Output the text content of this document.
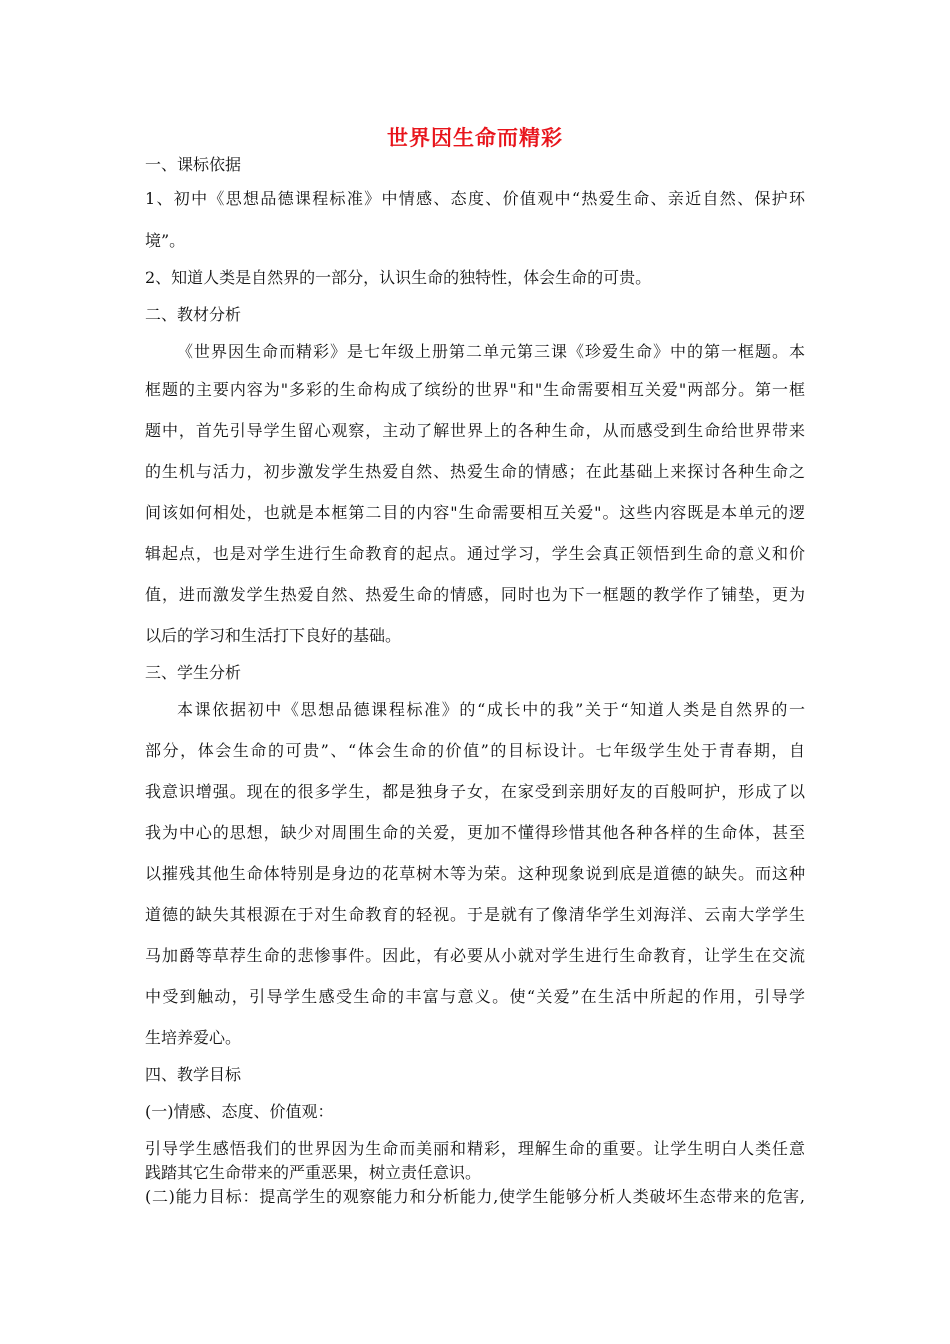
世界因生命而精彩
一、课标依据
1、初中《思想品德课程标准》中情感、态度、价值观中“热爱生命、亲近自然、保护环
境”。
2、知道人类是自然界的一部分，认识生命的独特性，体会生命的可贵。
二、教材分析
《世界因生命而精彩》是七年级上册第二单元第三课《珍爱生命》中的第一框题。本
框题的主要内容为"多彩的生命构成了缤纷的世界"和"生命需要相互关爱"两部分。第一框
题中，首先引导学生留心观察，主动了解世界上的各种生命，从而感受到生命给世界带来
的生机与活力，初步激发学生热爱自然、热爱生命的情感；在此基础上来探讨各种生命之
间该如何相处，也就是本框第二目的内容"生命需要相互关爱"。这些内容既是本单元的逻
辑起点，也是对学生进行生命教育的起点。通过学习，学生会真正领悟到生命的意义和价
值，进而激发学生热爱自然、热爱生命的情感，同时也为下一框题的教学作了铺垫，更为
以后的学习和生活打下良好的基础。
三、学生分析
本课依据初中《思想品德课程标准》的“成长中的我”关于“知道人类是自然界的一
部分，体会生命的可贵”、“体会生命的价值”的目标设计。七年级学生处于青春期，自
我意识增强。现在的很多学生，都是独身子女，在家受到亲朋好友的百般呵护，形成了以
我为中心的思想，缺少对周围生命的关爱，更加不懂得珍惜其他各种各样的生命体，甚至
以摧残其他生命体特别是身边的花草树木等为荣。这种现象说到底是道德的缺失。而这种
道德的缺失其根源在于对生命教育的轻视。于是就有了像清华学生刘海洋、云南大学学生
马加爵等草荐生命的悲惨事件。因此，有必要从小就对学生进行生命教育，让学生在交流
中受到触动，引导学生感受生命的丰富与意义。使“关爱”在生活中所起的作用，引导学
生培养爱心。
四、教学目标
(一)情感、态度、价值观：
引导学生感悟我们的世界因为生命而美丽和精彩，理解生命的重要。让学生明白人类任意
践踏其它生命带来的严重恶果，树立责任意识。
(二)能力目标：提高学生的观察能力和分析能力,使学生能够分析人类破坏生态带来的危害,
